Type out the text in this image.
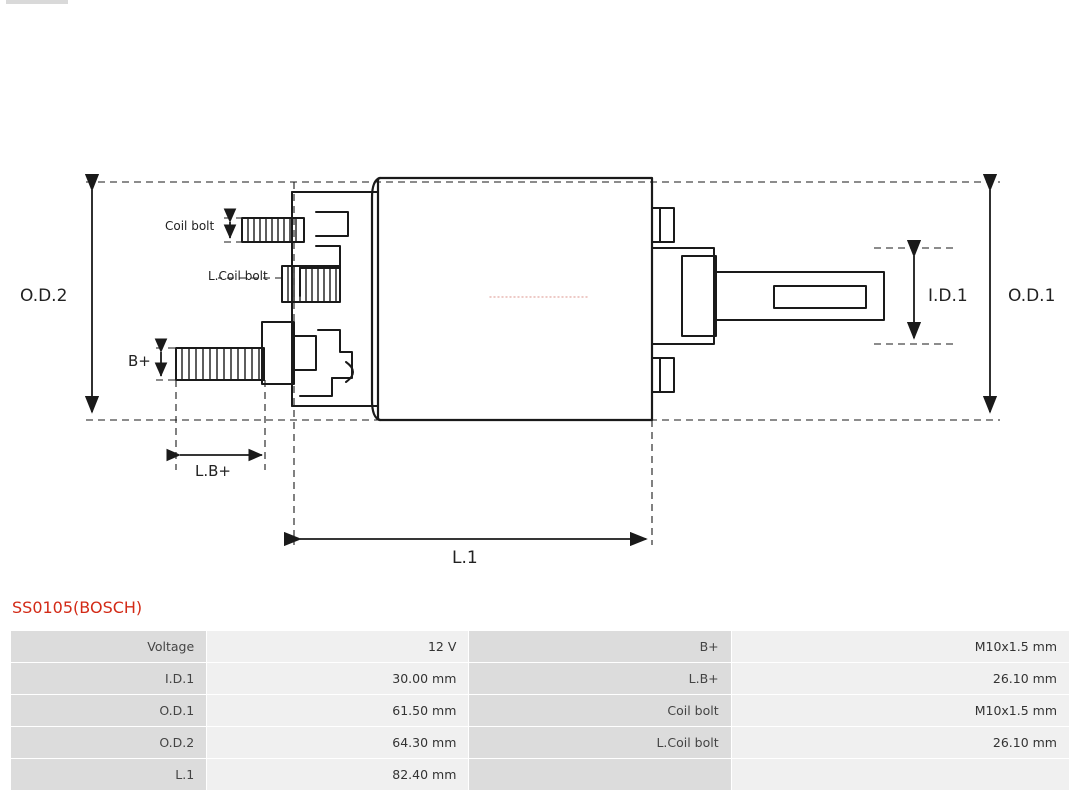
O.D.2	O.D.1
I.D.1
L.1
L.B+
B+
Coil bolt
L.Coil bolt
SS0105(BOSCH)
Voltage	12 V	B+	M10x1.5 mm
I.D.1	30.00 mm	L.B+	26.10 mm
O.D.1	61.50 mm	Coil bolt	M10x1.5 mm
O.D.2	64.30 mm	L.Coil bolt	26.10 mm
L.1	82.40 mm		
